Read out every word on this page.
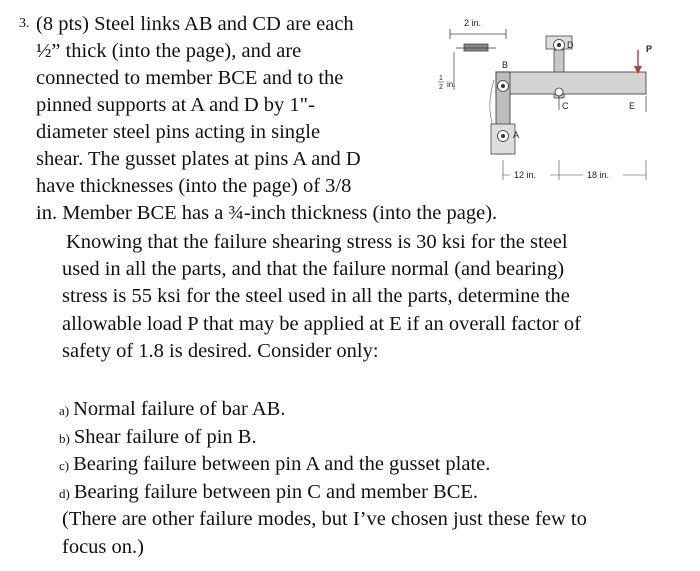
3. (8 pts) Steel links AB and CD are each
½” thick (into the page), and are
connected to member BCE and to the
pinned supports at A and D by 1"-
diameter steel pins acting in single
shear. The gusset plates at pins A and D
have thicknesses (into the page) of 3/8
in. Member BCE has a ¾-inch thickness (into the page).
Knowing that the failure shearing stress is 30 ksi for the steel
used in all the parts, and that the failure normal (and bearing)
stress is 55 ksi for the steel used in all the parts, determine the
allowable load P that may be applied at E if an overall factor of
safety of 1.8 is desired. Consider only:
a) Normal failure of bar AB.
b) Shear failure of pin B.
c) Bearing failure between pin A and the gusset plate.
d) Bearing failure between pin C and member BCE.
(There are other failure modes, but I’ve chosen just these few to
focus on.)
2 in.
1
2 in.
D
B
C	E
A
P
12 in.	18 in.
